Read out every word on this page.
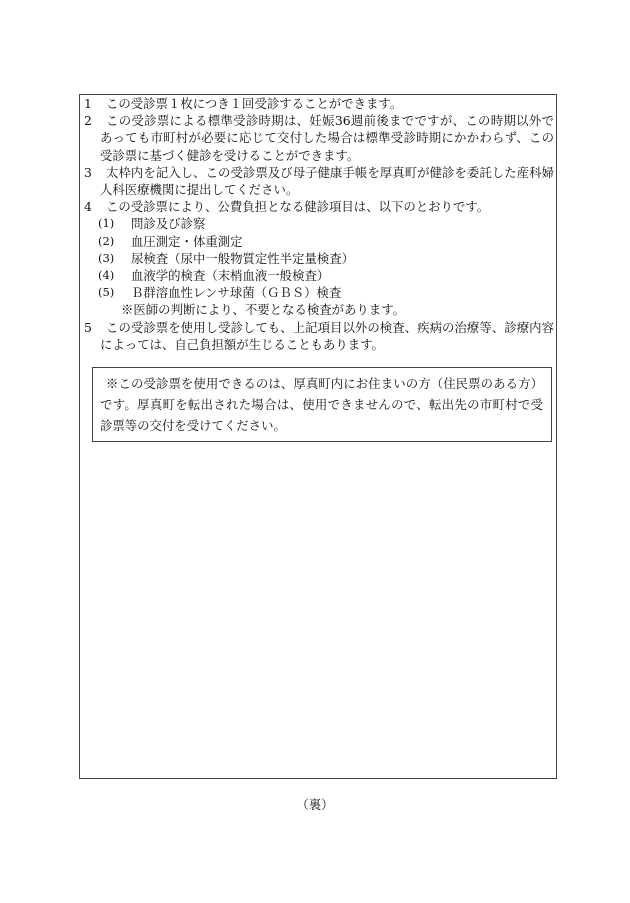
1	この受診票１枚につき１回受診することができます。
2	この受診票による標準受診時期は、妊娠36週前後までですが、この時期以外であっても市町村が必要に応じて交付した場合は標準受診時期にかかわらず、この受診票に基づく健診を受けることができます。
3	太枠内を記入し、この受診票及び母子健康手帳を厚真町が健診を委託した産科婦人科医療機関に提出してください。
4	この受診票により、公費負担となる健診項目は、以下のとおりです。
(1)	問診及び診察
(2)	血圧測定・体重測定
(3)	尿検査（尿中一般物質定性半定量検査）
(4)	血液学的検査（末梢血液一般検査）
(5)	Ｂ群溶血性レンサ球菌（ＧＢＳ）検査
※医師の判断により、不要となる検査があります。
5	この受診票を使用し受診しても、上記項目以外の検査、疾病の治療等、診療内容によっては、自己負担額が生じることもあります。
※この受診票を使用できるのは、厚真町内にお住まいの方（住民票のある方）です。厚真町を転出された場合は、使用できませんので、転出先の市町村で受診票等の交付を受けてください。
（裏）
